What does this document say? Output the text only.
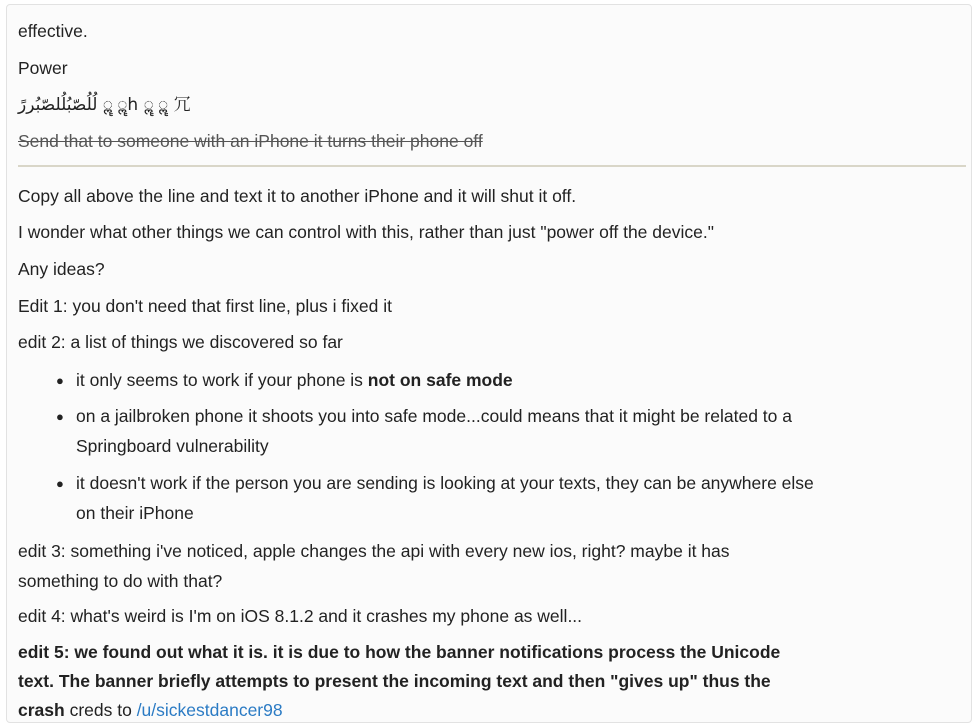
effective.
Power
لُلُصّبُلُلصّبُررً ॣ ॣh ॣ ॣ 冗
Send that to someone with an iPhone it turns their phone off
Copy all above the line and text it to another iPhone and it will shut it off.
I wonder what other things we can control with this, rather than just "power off the device."
Any ideas?
Edit 1: you don't need that first line, plus i fixed it
edit 2: a list of things we discovered so far
● it only seems to work if your phone is not on safe mode
● on a jailbroken phone it shoots you into safe mode...could means that it might be related to a
Springboard vulnerability
● it doesn't work if the person you are sending is looking at your texts, they can be anywhere else
on their iPhone
edit 3: something i've noticed, apple changes the api with every new ios, right? maybe it has
something to do with that?
edit 4: what's weird is I'm on iOS 8.1.2 and it crashes my phone as well...
edit 5: we found out what it is. it is due to how the banner notifications process the Unicode
text. The banner briefly attempts to present the incoming text and then "gives up" thus the
crash creds to /u/sickestdancer98
